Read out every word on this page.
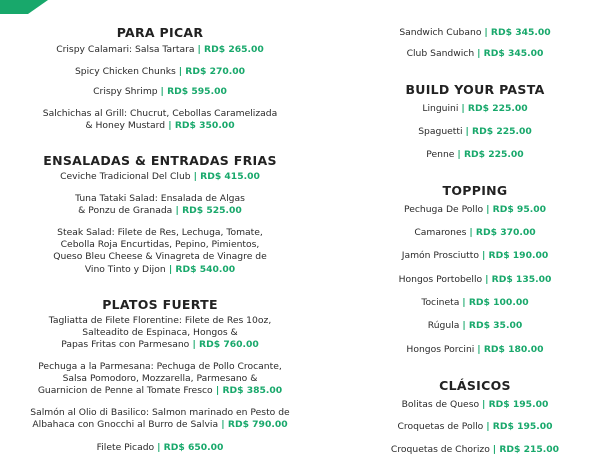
PARA PICAR
Crispy Calamari: Salsa Tartara | RD$ 265.00
Spicy Chicken Chunks | RD$ 270.00
Crispy Shrimp | RD$ 595.00
Salchichas al Grill: Chucrut, Cebollas Caramelizada
& Honey Mustard | RD$ 350.00
ENSALADAS & ENTRADAS FRIAS
Ceviche Tradicional Del Club | RD$ 415.00
Tuna Tataki Salad: Ensalada de Algas
& Ponzu de Granada | RD$ 525.00
Steak Salad: Filete de Res, Lechuga, Tomate,
Cebolla Roja Encurtidas, Pepino, Pimientos,
Queso Bleu Cheese & Vinagreta de Vinagre de
Vino Tinto y Dijon | RD$ 540.00
PLATOS FUERTE
Tagliatta de Filete Florentine: Filete de Res 10oz,
Salteadito de Espinaca, Hongos &
Papas Fritas con Parmesano | RD$ 760.00
Pechuga a la Parmesana: Pechuga de Pollo Crocante,
Salsa Pomodoro, Mozzarella, Parmesano &
Guarnicion de Penne al Tomate Fresco | RD$ 385.00
Salmón al Olio di Basilico: Salmon marinado en Pesto de
Albahaca con Gnocchi al Burro de Salvia | RD$ 790.00
Filete Picado | RD$ 650.00
Sandwich Cubano | RD$ 345.00
Club Sandwich | RD$ 345.00
BUILD YOUR PASTA
Linguini | RD$ 225.00
Spaguetti | RD$ 225.00
Penne | RD$ 225.00
TOPPING
Pechuga De Pollo | RD$ 95.00
Camarones | RD$ 370.00
Jamón Prosciutto | RD$ 190.00
Hongos Portobello | RD$ 135.00
Tocineta | RD$ 100.00
Rúgula | RD$ 35.00
Hongos Porcini | RD$ 180.00
CLÁSICOS
Bolitas de Queso | RD$ 195.00
Croquetas de Pollo | RD$ 195.00
Croquetas de Chorizo | RD$ 215.00
